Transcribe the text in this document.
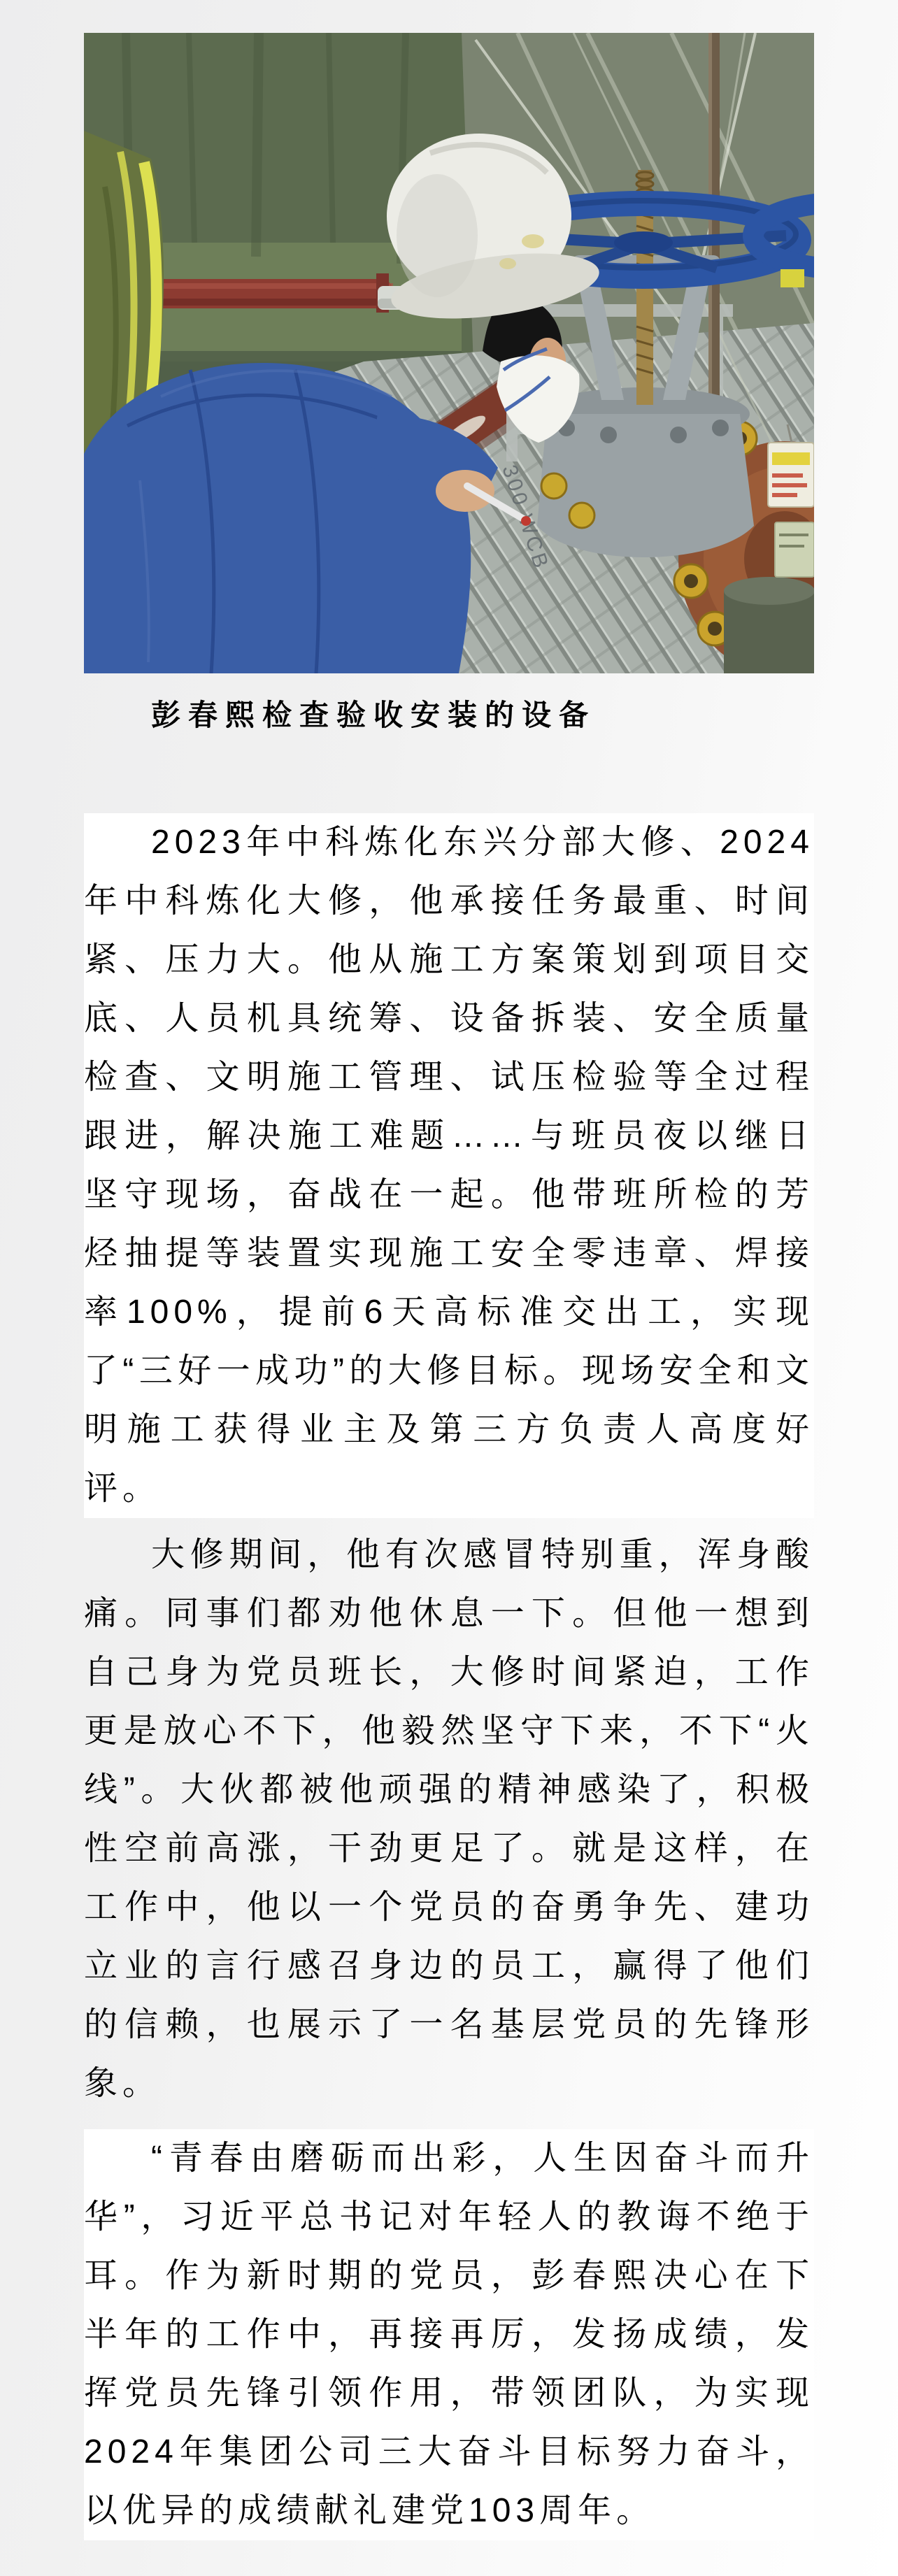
300 WCB
彭春熙检查验收安装的设备

2023年中科炼化东兴分部大修、2024年中科炼化大修，他承接任务最重、时间紧、压力大。他从施工方案策划到项目交底、人员机具统筹、设备拆装、安全质量检查、文明施工管理、试压检验等全过程跟进，解决施工难题……与班员夜以继日坚守现场，奋战在一起。他带班所检的芳烃抽提等装置实现施工安全零违章、焊接率100%，提前6天高标准交出工，实现了“三好一成功”的大修目标。现场安全和文明施工获得业主及第三方负责人高度好评。

大修期间，他有次感冒特别重，浑身酸痛。同事们都劝他休息一下。但他一想到自己身为党员班长，大修时间紧迫，工作更是放心不下，他毅然坚守下来，不下“火线”。大伙都被他顽强的精神感染了，积极性空前高涨，干劲更足了。就是这样，在工作中，他以一个党员的奋勇争先、建功立业的言行感召身边的员工，赢得了他们的信赖，也展示了一名基层党员的先锋形象。

“青春由磨砺而出彩，人生因奋斗而升华”，习近平总书记对年轻人的教诲不绝于耳。作为新时期的党员，彭春熙决心在下半年的工作中，再接再厉，发扬成绩，发挥党员先锋引领作用，带领团队，为实现2024年集团公司三大奋斗目标努力奋斗，以优异的成绩献礼建党103周年。
